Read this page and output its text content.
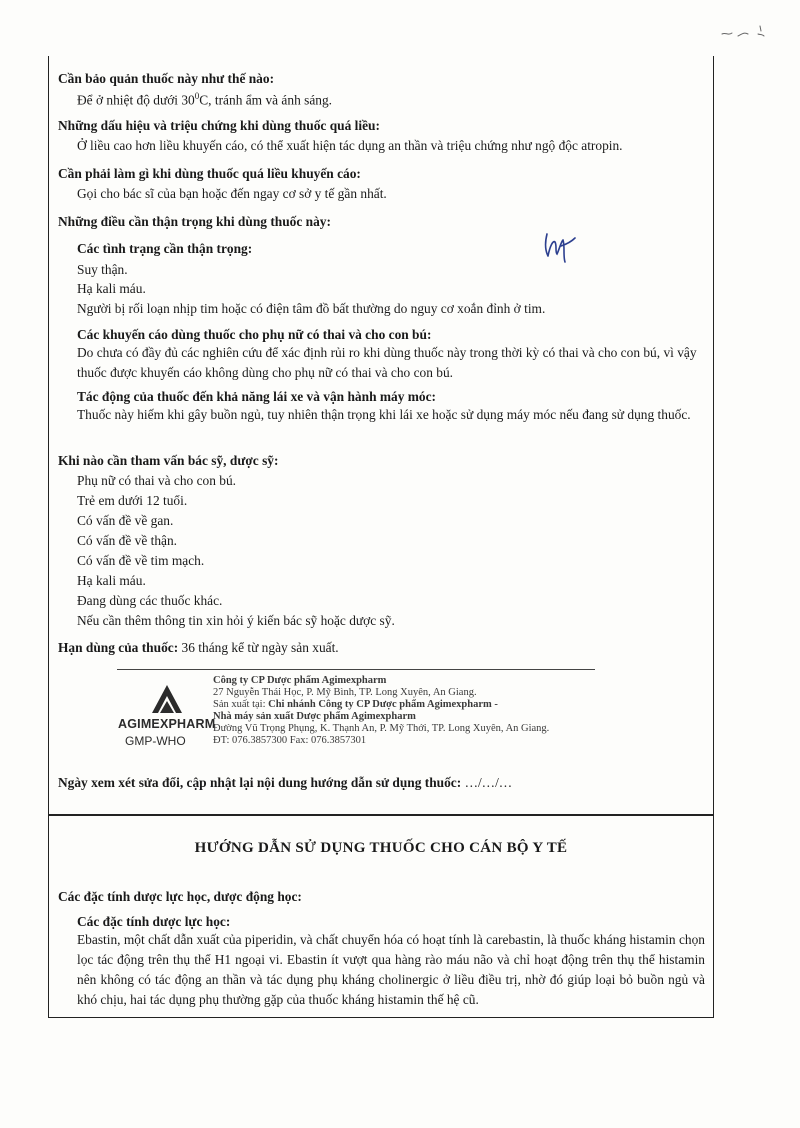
Cần bảo quản thuốc này như thế nào:
Để ở nhiệt độ dưới $30^0C$, tránh ẩm và ánh sáng.
Những dấu hiệu và triệu chứng khi dùng thuốc quá liều:
Ở liều cao hơn liều khuyến cáo, có thể xuất hiện tác dụng an thần và triệu chứng như ngộ độc atropin.
Cần phải làm gì khi dùng thuốc quá liều khuyến cáo:
Gọi cho bác sĩ của bạn hoặc đến ngay cơ sở y tế gần nhất.
Những điều cần thận trọng khi dùng thuốc này:
Các tình trạng cần thận trọng:
Suy thận.
Hạ kali máu.
Người bị rối loạn nhịp tim hoặc có điện tâm đồ bất thường do nguy cơ xoắn đỉnh ở tim.
Các khuyến cáo dùng thuốc cho phụ nữ có thai và cho con bú:
Do chưa có đầy đủ các nghiên cứu để xác định rủi ro khi dùng thuốc này trong thời kỳ có thai và cho con bú, vì vậy thuốc được khuyến cáo không dùng cho phụ nữ có thai và cho con bú.
Tác động của thuốc đến khả năng lái xe và vận hành máy móc:
Thuốc này hiếm khi gây buồn ngủ, tuy nhiên thận trọng khi lái xe hoặc sử dụng máy móc nếu đang sử dụng thuốc.
Khi nào cần tham vấn bác sỹ, dược sỹ:
Phụ nữ có thai và cho con bú.
Trẻ em dưới 12 tuổi.
Có vấn đề về gan.
Có vấn đề về thận.
Có vấn đề về tim mạch.
Hạ kali máu.
Đang dùng các thuốc khác.
Nếu cần thêm thông tin xin hỏi ý kiến bác sỹ hoặc dược sỹ.
Hạn dùng của thuốc: 36 tháng kể từ ngày sản xuất.
AGIMEXPHARM
GMP-WHO
Công ty CP Dược phẩm Agimexpharm
27 Nguyễn Thái Học, P. Mỹ Bình, TP. Long Xuyên, An Giang.
Sản xuất tại: Chi nhánh Công ty CP Dược phẩm Agimexpharm -
Nhà máy sản xuất Dược phẩm Agimexpharm
Đường Vũ Trọng Phụng, K. Thạnh An, P. Mỹ Thới, TP. Long Xuyên, An Giang.
ĐT: 076.3857300 Fax: 076.3857301
Ngày xem xét sửa đổi, cập nhật lại nội dung hướng dẫn sử dụng thuốc: …/…/…
HƯỚNG DẪN SỬ DỤNG THUỐC CHO CÁN BỘ Y TẾ
Các đặc tính dược lực học, dược động học:
Các đặc tính dược lực học:
Ebastin, một chất dẫn xuất của piperidin, và chất chuyển hóa có hoạt tính là carebastin, là thuốc kháng histamin chọn lọc tác động trên thụ thể H1 ngoại vi. Ebastin ít vượt qua hàng rào máu não và chỉ hoạt động trên thụ thể histamin nên không có tác động an thần và tác dụng phụ kháng cholinergic ở liều điều trị, nhờ đó giúp loại bỏ buồn ngủ và khó chịu, hai tác dụng phụ thường gặp của thuốc kháng histamin thế hệ cũ.
